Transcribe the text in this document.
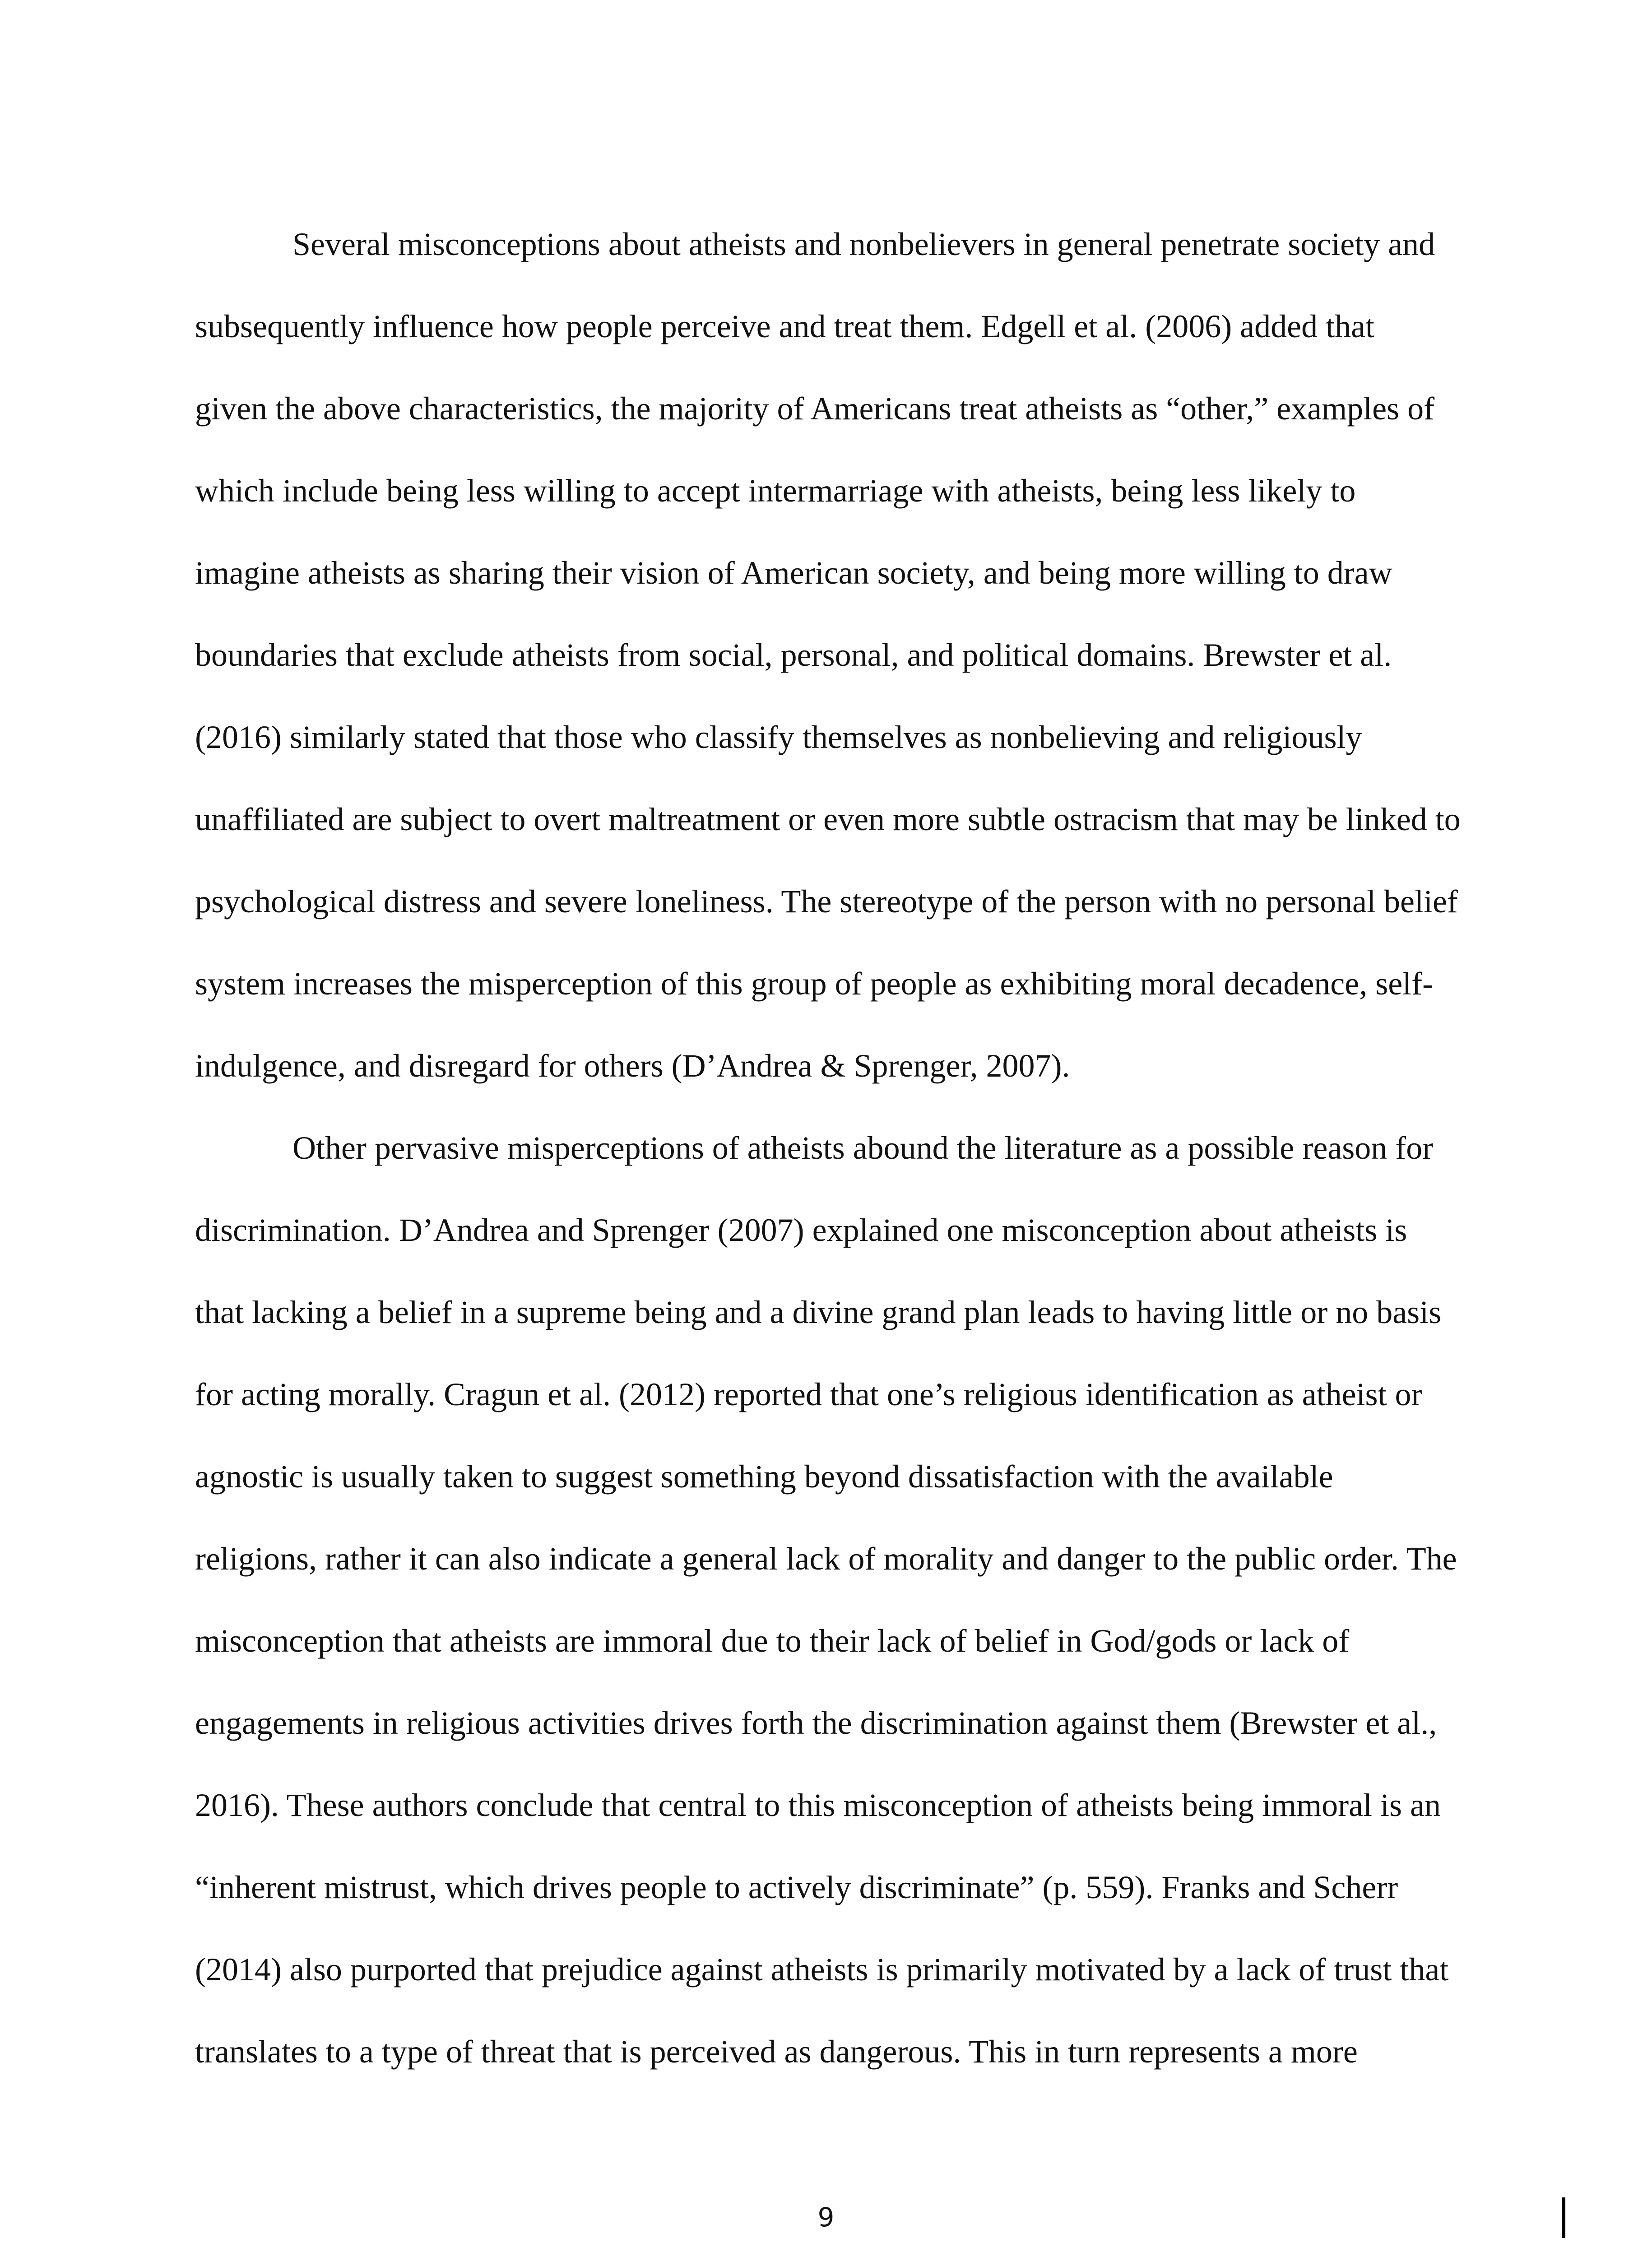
Several misconceptions about atheists and nonbelievers in general penetrate society and
subsequently influence how people perceive and treat them. Edgell et al. (2006) added that
given the above characteristics, the majority of Americans treat atheists as “other,” examples of
which include being less willing to accept intermarriage with atheists, being less likely to
imagine atheists as sharing their vision of American society, and being more willing to draw
boundaries that exclude atheists from social, personal, and political domains. Brewster et al.
(2016) similarly stated that those who classify themselves as nonbelieving and religiously
unaffiliated are subject to overt maltreatment or even more subtle ostracism that may be linked to
psychological distress and severe loneliness. The stereotype of the person with no personal belief
system increases the misperception of this group of people as exhibiting moral decadence, self-
indulgence, and disregard for others (D’Andrea & Sprenger, 2007).
Other pervasive misperceptions of atheists abound the literature as a possible reason for
discrimination. D’Andrea and Sprenger (2007) explained one misconception about atheists is
that lacking a belief in a supreme being and a divine grand plan leads to having little or no basis
for acting morally. Cragun et al. (2012) reported that one’s religious identification as atheist or
agnostic is usually taken to suggest something beyond dissatisfaction with the available
religions, rather it can also indicate a general lack of morality and danger to the public order. The
misconception that atheists are immoral due to their lack of belief in God/gods or lack of
engagements in religious activities drives forth the discrimination against them (Brewster et al.,
2016). These authors conclude that central to this misconception of atheists being immoral is an
“inherent mistrust, which drives people to actively discriminate” (p. 559). Franks and Scherr
(2014) also purported that prejudice against atheists is primarily motivated by a lack of trust that
translates to a type of threat that is perceived as dangerous. This in turn represents a more
9
